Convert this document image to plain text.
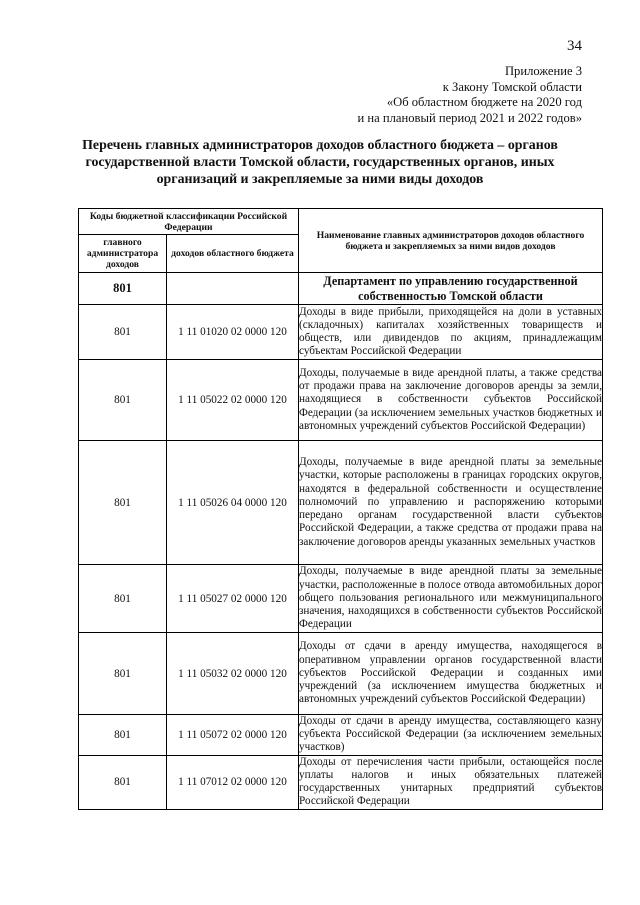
34
Приложение 3
к Закону Томской области
«Об областном бюджете на 2020 год
и на плановый период 2021 и 2022 годов»
Перечень главных администраторов доходов областного бюджета – органов
государственной власти Томской области, государственных органов, иных
организаций и закрепляемые за ними виды доходов
Коды бюджетной классификации Российской Федерации		Наименование главных администраторов доходов областного бюджета и закрепляемых за ними видов доходов
главного администратора доходов	доходов областного бюджета	
801		Департамент по управлению государственной собственностью Томской области
801	1 11 01020 02 0000 120	Доходы в виде прибыли, приходящейся на доли в уставных (складочных) капиталах хозяйственных товариществ и обществ, или дивидендов по акциям, принадлежащим субъектам Российской Федерации
801	1 11 05022 02 0000 120	Доходы, получаемые в виде арендной платы, а также средства от продажи права на заключение договоров аренды за земли, находящиеся в собственности субъектов Российской Федерации (за исключением земельных участков бюджетных и автономных учреждений субъектов Российской Федерации)
801	1 11 05026 04 0000 120	Доходы, получаемые в виде арендной платы за земельные участки, которые расположены в границах городских округов, находятся в федеральной собственности и осуществление полномочий по управлению и распоряжению которыми передано органам государственной власти субъектов Российской Федерации, а также средства от продажи права на заключение договоров аренды указанных земельных участков
801	1 11 05027 02 0000 120	Доходы, получаемые в виде арендной платы за земельные участки, расположенные в полосе отвода автомобильных дорог общего пользования регионального или межмуниципального значения, находящихся в собственности субъектов Российской Федерации
801	1 11 05032 02 0000 120	Доходы от сдачи в аренду имущества, находящегося в оперативном управлении органов государственной власти субъектов Российской Федерации и созданных ими учреждений (за исключением имущества бюджетных и автономных учреждений субъектов Российской Федерации)
801	1 11 05072 02 0000 120	Доходы от сдачи в аренду имущества, составляющего казну субъекта Российской Федерации (за исключением земельных участков)
801	1 11 07012 02 0000 120	Доходы от перечисления части прибыли, остающейся после уплаты налогов и иных обязательных платежей государственных унитарных предприятий субъектов Российской Федерации
